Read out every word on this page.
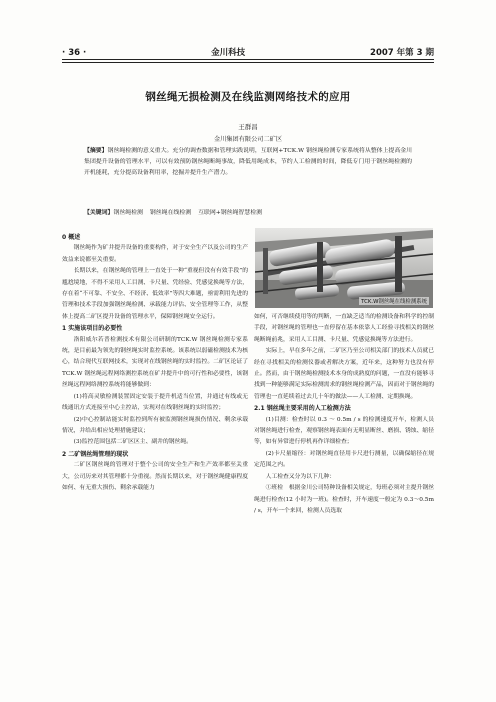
· 36 ·	金川科技	2007 年第 3 期
钢丝绳无损检测及在线监测网络技术的应用
王群昌
金川集团有限公司二矿区
【摘要】钢丝绳检测的意义重大。充分的调查数据和管理实践说明，互联网+TCK.W 钢丝绳检测专家系统将从整体上提高金川集团提升设备的管理水平，可以有效预防钢丝绳断绳事故，降低用绳成本，节约人工检测的时间，降低专门用于钢丝绳检测的开机能耗，充分提高设备利用率，挖掘并提升生产潜力。
【关键词】钢丝绳检测 钢丝绳在线检测 互联网+钢丝绳智慧检测
0 概述

钢丝绳作为矿井提升设备的重要构件，对于安全生产以及公司的生产效益来说都至关重要。

长期以来，在钢丝绳的管理上一直处于一种“重视但没有有效手段”的尴尬境地，不得不采用人工目测、卡尺量、凭经验、凭感觉换绳等方法，存在着“不可靠、不安全、不经济、低效率”等四大难题，亟需利用先进的管理和技术手段加强钢丝绳检测、承载能力评估、安全管理等工作，从整体上提高二矿区提升设备的管理水平，保障钢丝绳安全运行。

1 实施该项目的必要性

洛阳威尔若普检测技术有限公司研制的TCK.W 钢丝绳检测专家系统，是目前最为领先的钢丝绳实时监控系统。该系统以弱磁检测技术为核心，结合现代互联网技术，实现对在线钢丝绳的实时监控。二矿区论证了 TCK.W 钢丝绳远程网络测控系统在矿井提升中的可行性和必要性，该钢丝绳远程网络测控系统将能够做到：

(1)将高灵敏检测装置固定安装于提升机适当位置，并通过有线或无线通讯方式连接至中心主控站，实现对在线钢丝绳的实时监控；

(2)中心控制站能实时监控到所有被监测钢丝绳损伤情况、剩余承载情况，并给出相应处理措施建议；

(3)监控范围包括二矿区区主、副井的钢丝绳。

2 二矿钢丝绳管理的现状

二矿区钢丝绳的管理对于整个公司的安全生产和生产效率都至关重大，公司历来对其管理都十分重视。然而长期以来，对于钢丝绳健康程度如何、有无重大损伤、剩余承载能力

如何，可否继续使用等的判断，一直缺乏适当的检测设备和科学的控制手段，对钢丝绳的管理也一直停留在基本依靠人工经验寻找相关的钢丝绳断绳前兆，采用人工目测、卡尺量、凭感觉换绳等方法进行。

实际上，早在多年之前，二矿区乃至公司相关部门的技术人员就已经在寻找相关的检测仪器或者解决方案，近年来，这种努力也没有停止。然而，由于钢丝绳检测技术本身的成熟度的问题，一直没有能够寻找到一种能够满足实际检测需求的钢丝绳检测产品，因而对于钢丝绳的管理也一直延续着过去几十年的做法——人工检测、定期换绳。

2.1 钢丝绳主要采用的人工检测方法

(1)目测：检查时以 0.3 ～ 0.5m / s 的检测速度开车，检测人员对钢丝绳进行检查，观察钢丝绳表面有无明显断丝、磨损、锈蚀、缩径等，如有异常进行停机再作详细检查；

(2)卡尺量缩径：对钢丝绳直径用卡尺进行测量，以确保缩径在规定范围之内。

人工检查又分为以下几种：

①班检　根据金川公司特种设备相关规定，每班必须对主提升钢丝绳进行检查(12 小时为一班)。检查时，开车速度一般定为 0.3～0.5m / s，开车一个来回，检测人员选取

TCK.W钢丝绳在线检测系统
